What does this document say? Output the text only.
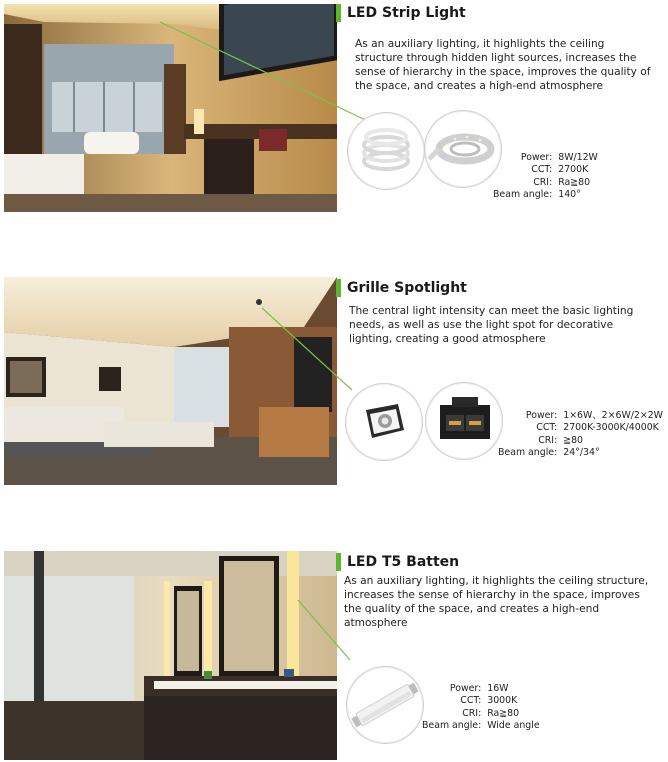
LED Strip Light
As an auxiliary lighting, it highlights the ceiling structure through hidden light sources, increases the sense of hierarchy in the space, improves the quality of the space, and creates a high-end atmosphere
Power:	8W/12W
CCT:	2700K
CRI:	Ra≧80
Beam angle:	140°
Grille Spotlight
The central light intensity can meet the basic lighting needs, as well as use the light spot for decorative lighting, creating a good atmosphere
Power:	1×6W、2×6W/2×2W
CCT:	2700K-3000K/4000K
CRI:	≧80
Beam angle:	24°/34°
LED T5 Batten
As an auxiliary lighting, it highlights the ceiling structure, increases the sense of hierarchy in the space, improves the quality of the space, and creates a high-end atmosphere
Power:	16W
CCT:	3000K
CRI:	Ra≧80
Beam angle:	Wide angle
